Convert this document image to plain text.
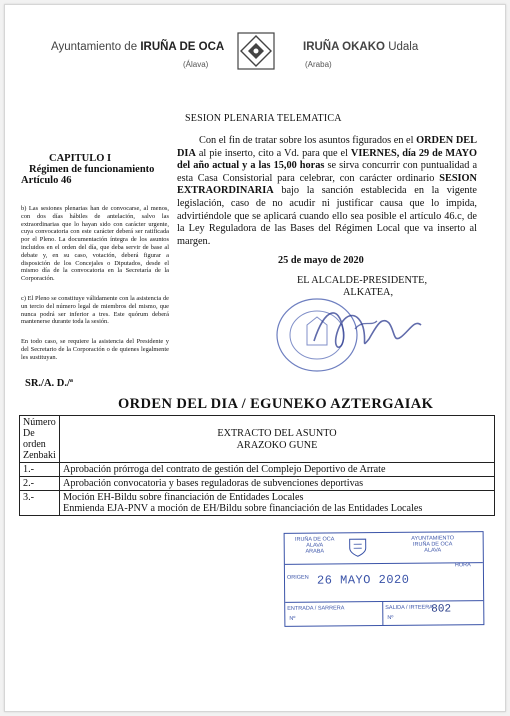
Ayuntamiento de IRUÑA DE OCA
(Álava)
IRUÑA OKAKO Udala
(Araba)
SESION PLENARIA TELEMATICA
Con el fin de tratar sobre los asuntos figurados en el ORDEN DEL DIA al pie inserto, cito a Vd. para que el VIERNES, día 29 de MAYO del año actual y a las 15,00 horas se sirva concurrir con puntualidad a esta Casa Consistorial para celebrar, con carácter ordinario SESION EXTRAORDINARIA bajo la sanción establecida en la vigente legislación, caso de no acudir ni justificar causa que lo impida, advirtiéndole que se aplicará cuando ello sea posible el artículo 46.c, de la Ley Reguladora de las Bases del Régimen Local que va inserto al margen.
25 de mayo de 2020
EL ALCALDE-PRESIDENTE,
ALKATEA,
CAPITULO I
Régimen de funcionamiento
Artículo 46
b) Las sesiones plenarias han de convocarse, al menos, con dos días hábiles de antelación, salvo las extraordinarias que lo hayan sido con carácter urgente, cuya convocatoria con este carácter deberá ser ratificada por el Pleno. La documentación íntegra de los asuntos incluidos en el orden del día, que deba servir de base al debate y, en su caso, votación, deberá figurar a disposición de los Concejales o Diputados, desde el mismo día de la convocatoria en la Secretaría de la Corporación.
c) El Pleno se constituye válidamente con la asistencia de un tercio del número legal de miembros del mismo, que nunca podrá ser inferior a tres. Este quórum deberá mantenerse durante toda la sesión.
En todo caso, se requiere la asistencia del Presidente y del Secretario de la Corporación o de quienes legalmente les sustituyan.
SR./A. D./ª
ORDEN DEL DIA / EGUNEKO AZTERGAIAK
Número
De
orden
Zenbaki	EXTRACTO DEL ASUNTO
ARAZOKO GUNE
1.-	Aprobación prórroga del contrato de gestión del Complejo Deportivo de Arrate
2.-	Aprobación convocatoria y bases reguladoras de subvenciones deportivas
3.-	Moción EH-Bildu sobre financiación de Entidades Locales
Enmienda EJA-PNV a moción de EH/Bildu sobre financiación de las Entidades Locales
IRUÑA DE OCA
ALAVA
ARABA
AYUNTAMIENTO
IRUÑA DE OCA
ALAVA
ORIGEN
HORA
26 MAYO 2020
ENTRADA / SARRERA	SALIDA / IRTEERA
Nº	Nº
802
